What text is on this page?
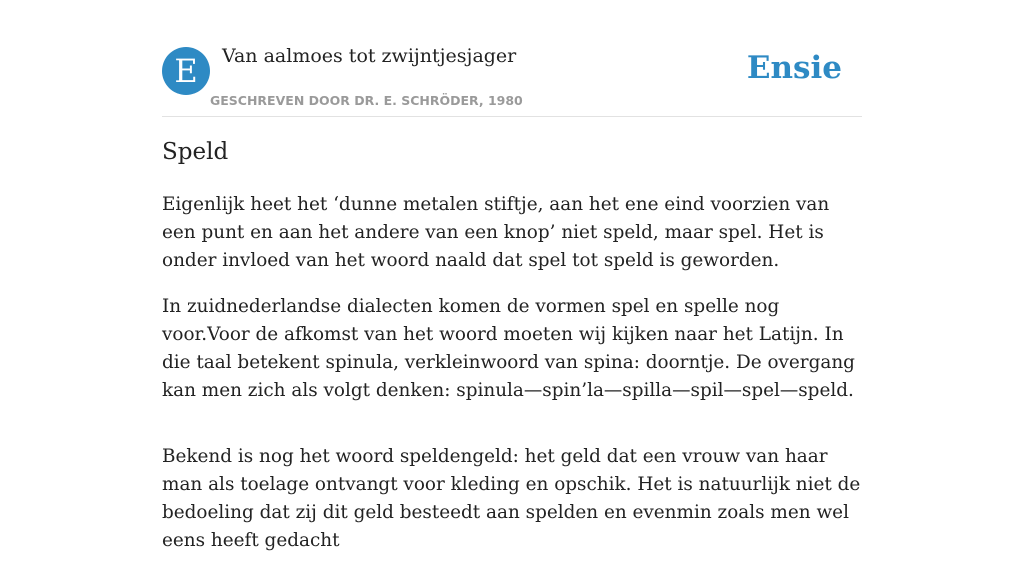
E	Van aalmoes tot zwijntjesjager
GESCHREVEN DOOR DR. E. SCHRÖDER, 1980
Ensie
Speld

Eigenlijk heet het ‘dunne metalen stiftje, aan het ene eind voorzien van een punt en aan het andere van een knop’ niet speld, maar spel. Het is onder invloed van het woord naald dat spel tot speld is geworden.

In zuidnederlandse dialecten komen de vormen spel en spelle nog voor.Voor de afkomst van het woord moeten wij kijken naar het Latijn. In die taal betekent spinula, verkleinwoord van spina: doorntje. De overgang kan men zich als volgt denken: spinula—spin’la—spilla—spil—spel—speld.

Bekend is nog het woord speldengeld: het geld dat een vrouw van haar man als toelage ontvangt voor kleding en opschik. Het is natuurlijk niet de bedoeling dat zij dit geld besteedt aan spelden en evenmin zoals men wel eens heeft gedacht
